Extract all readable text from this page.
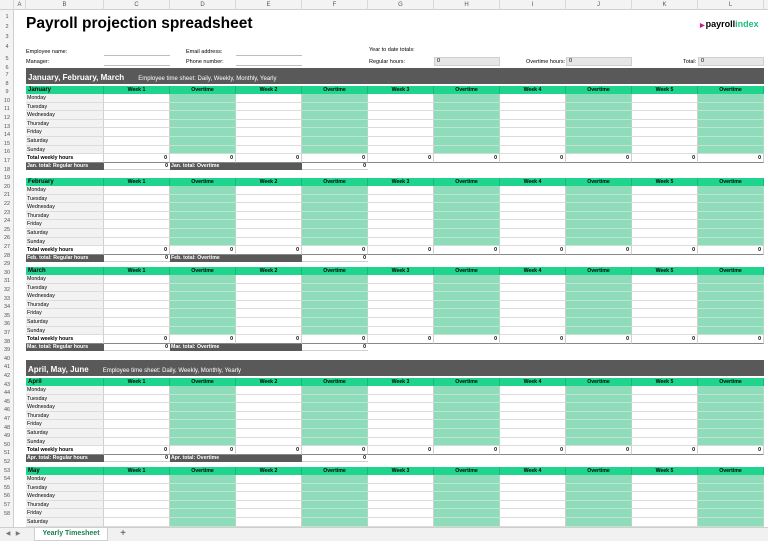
A	B	C	D	E	F	G	H	I	J	K	L
1
2
3
4
5
6
7
8
9
10
11
12
13
14
15
16
17
18
19
20
21
22
23
24
25
26
27
28
29
30
31
32
33
34
35
36
37
38
39
40
41
42
43
44
45
46
47
48
49
50
51
52
53
54
55
56
57
58
Payroll projection spreadsheet	▶payrollindex
Employee name:
Manager:
Email address:
Phone number:
Year to date totals:
Regular hours:	0	Overtime hours: 0	Total: 0
January, February, March Employee time sheet: Daily, Weekly, Monthly, Yearly
April, May, June Employee time sheet: Daily, Weekly, Monthly, Yearly
January	Week 1	Overtime	Week 2	Overtime	Week 3	Overtime	Week 4	Overtime	Week 5	Overtime
Monday
Tuesday
Wednesday
Thursday
Friday
Saturday
Sunday
Total weekly hours	0	0	0	0	0	0	0	0	0	0
Jan. total: Regular hours	0 Jan. total: Overtime	0
February	Week 1	Overtime	Week 2	Overtime	Week 3	Overtime	Week 4	Overtime	Week 5	Overtime
Monday
Tuesday
Wednesday
Thursday
Friday
Saturday
Sunday
Total weekly hours	0	0	0	0	0	0	0	0	0	0
Feb. total: Regular hours	0 Feb. total: Overtime	0
March	Week 1	Overtime	Week 2	Overtime	Week 3	Overtime	Week 4	Overtime	Week 5	Overtime
Monday
Tuesday
Wednesday
Thursday
Friday
Saturday
Sunday
Total weekly hours	0	0	0	0	0	0	0	0	0	0
Mar. total: Regular hours	0 Mar. total: Overtime	0
April	Week 1	Overtime	Week 2	Overtime	Week 3	Overtime	Week 4	Overtime	Week 5	Overtime
Monday
Tuesday
Wednesday
Thursday
Friday
Saturday
Sunday
Total weekly hours	0	0	0	0	0	0	0	0	0	0
Apr. total: Regular hours	0 Apr. total: Overtime	0
May	Week 1	Overtime	Week 2	Overtime	Week 3	Overtime	Week 4	Overtime	Week 5	Overtime
Monday
Tuesday
Wednesday
Thursday
Friday
Saturday
◀ ▶	Yearly Timesheet	+
